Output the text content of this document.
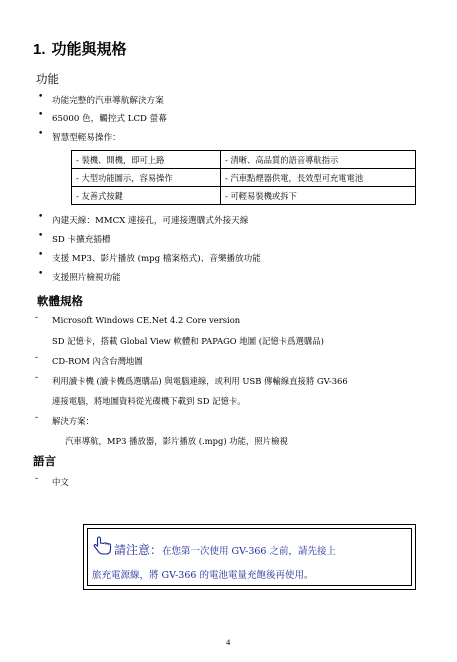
1. 功能與規格
功能
• 功能完整的汽車導航解決方案
• 65000 色，觸控式 LCD 螢幕
• 智慧型輕易操作：
- 裝機、開機，即可上路	- 清晰、高品質的語音導航指示
- 大型功能圖示，容易操作	- 汽車點煙器供電，長效型可充電電池
- 友善式按鍵	- 可輕易裝機或拆下
• 內建天線：MMCX 連接孔，可連接選購式外接天線
• SD 卡擴充插槽
• 支援 MP3、影片播放 (mpg 檔案格式)、音樂播放功能
• 支援照片檢視功能
軟體規格
- Microsoft Windows CE.Net 4.2 Core version
SD 記憶卡，搭載 Global View 軟體和 PAPAGO 地圖 (記憶卡爲選購品)
- CD-ROM 內含台灣地圖
- 利用讀卡機 (讀卡機爲選購品) 與電腦連線，或利用 USB 傳輸線直接將 GV-366
連接電腦，將地圖資料從光碟機下載到 SD 記憶卡。
- 解決方案：
汽車導航，MP3 播放器，影片播放 (.mpg) 功能，照片檢視
語言
- 中文
請注意：在您第一次使用 GV-366 之前，請先接上
旅充電源線，將 GV-366 的電池電量充飽後再使用。
4
